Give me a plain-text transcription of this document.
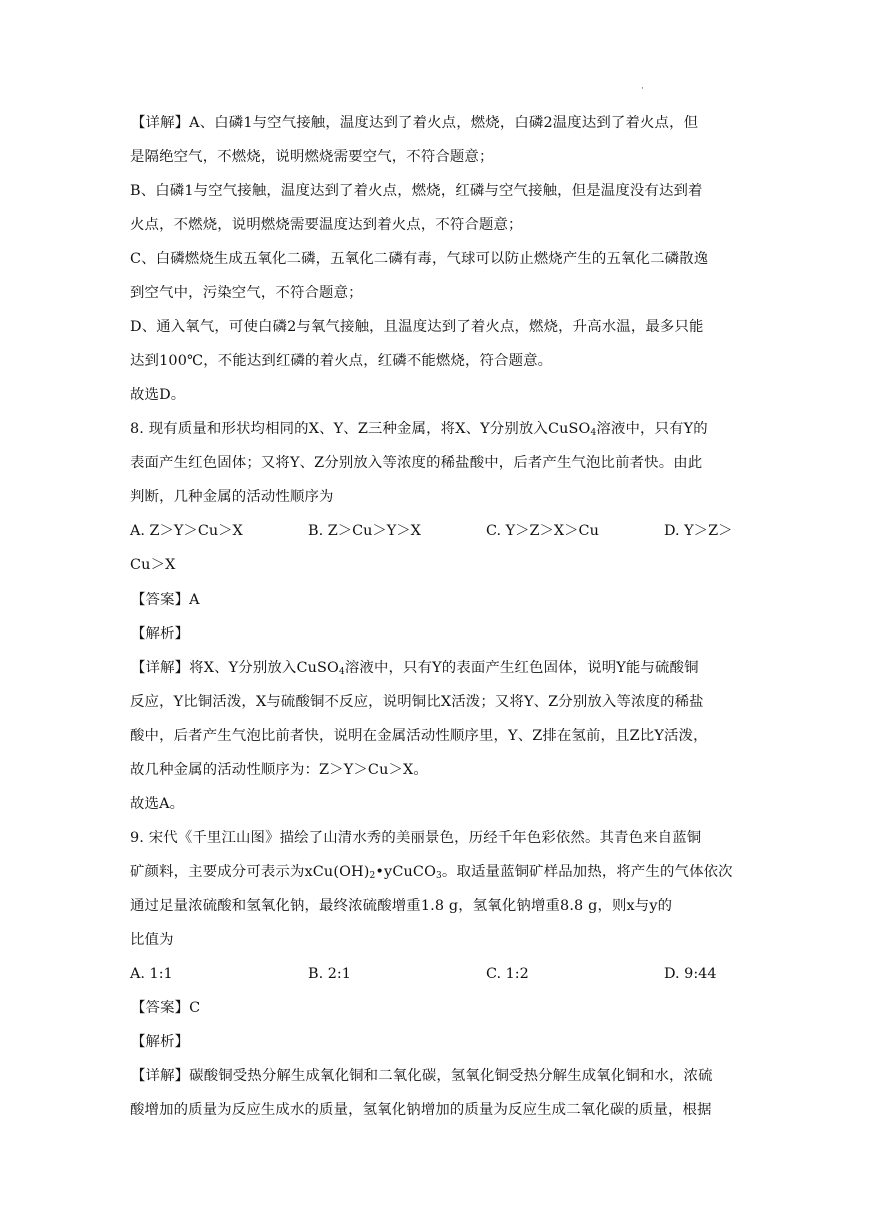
·
【详解】A、白磷1与空气接触，温度达到了着火点，燃烧，白磷2温度达到了着火点，但
是隔绝空气，不燃烧，说明燃烧需要空气，不符合题意；
B、白磷1与空气接触，温度达到了着火点，燃烧，红磷与空气接触，但是温度没有达到着
火点，不燃烧，说明燃烧需要温度达到着火点，不符合题意；
C、白磷燃烧生成五氧化二磷，五氧化二磷有毒，气球可以防止燃烧产生的五氧化二磷散逸
到空气中，污染空气，不符合题意；
D、通入氧气，可使白磷2与氧气接触，且温度达到了着火点，燃烧，升高水温，最多只能
达到100℃，不能达到红磷的着火点，红磷不能燃烧，符合题意。
故选D。
8. 现有质量和形状均相同的X、Y、Z三种金属，将X、Y分别放入CuSO$_4$溶液中，只有Y的
表面产生红色固体；又将Y、Z分别放入等浓度的稀盐酸中，后者产生气泡比前者快。由此
判断，几种金属的活动性顺序为
A. Z＞Y＞Cu＞X	B. Z＞Cu＞Y＞X	C. Y＞Z＞X＞Cu	D. Y＞Z＞
Cu＞X
【答案】A
【解析】
【详解】将X、Y分别放入CuSO$_4$溶液中，只有Y的表面产生红色固体，说明Y能与硫酸铜
反应，Y比铜活泼，X与硫酸铜不反应，说明铜比X活泼；又将Y、Z分别放入等浓度的稀盐
酸中，后者产生气泡比前者快，说明在金属活动性顺序里，Y、Z排在氢前，且Z比Y活泼，
故几种金属的活动性顺序为：Z＞Y＞Cu＞X。
故选A。
9. 宋代《千里江山图》描绘了山清水秀的美丽景色，历经千年色彩依然。其青色来自蓝铜
矿颜料，主要成分可表示为$xCu(OH)_2•yCuCO_3$。取适量蓝铜矿样品加热，将产生的气体依次
通过足量浓硫酸和氢氧化钠，最终浓硫酸增重1.8 g，氢氧化钠增重8.8 g，则x与y的
比值为
A. 1:1	B. 2:1	C. 1:2	D. 9:44
【答案】C
【解析】
【详解】碳酸铜受热分解生成氧化铜和二氧化碳，氢氧化铜受热分解生成氧化铜和水，浓硫
酸增加的质量为反应生成水的质量，氢氧化钠增加的质量为反应生成二氧化碳的质量，根据
